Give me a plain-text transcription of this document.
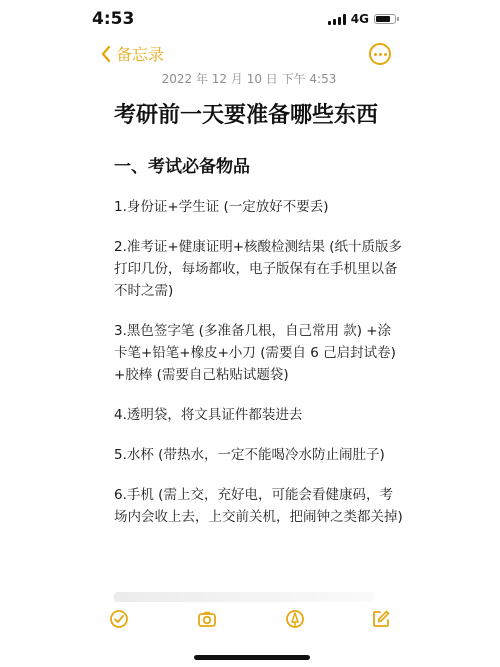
4:53	4G
备忘录
2022 年 12 月 10 日 下午 4:53
考研前一天要准备哪些东西
一、考试必备物品

1.身份证+学生证 (一定放好不要丢)

2.准考证+健康证明+核酸检测结果 (纸十质版多打印几份，每场都收，电子版保有在手机里以备不时之需)

3.黑色签字笔 (多准备几根，自己常用 款) +涂卡笔+铅笔+橡皮+小刀 (需要自 6 己启封试卷) +胶棒 (需要自己粘贴试题袋)

4.透明袋，将文具证件都装进去

5.水杯 (带热水，一定不能喝冷水防止闹肚子)

6.手机 (需上交，充好电，可能会看健康码，考场内会收上去，上交前关机，把闹钟之类都关掉)
